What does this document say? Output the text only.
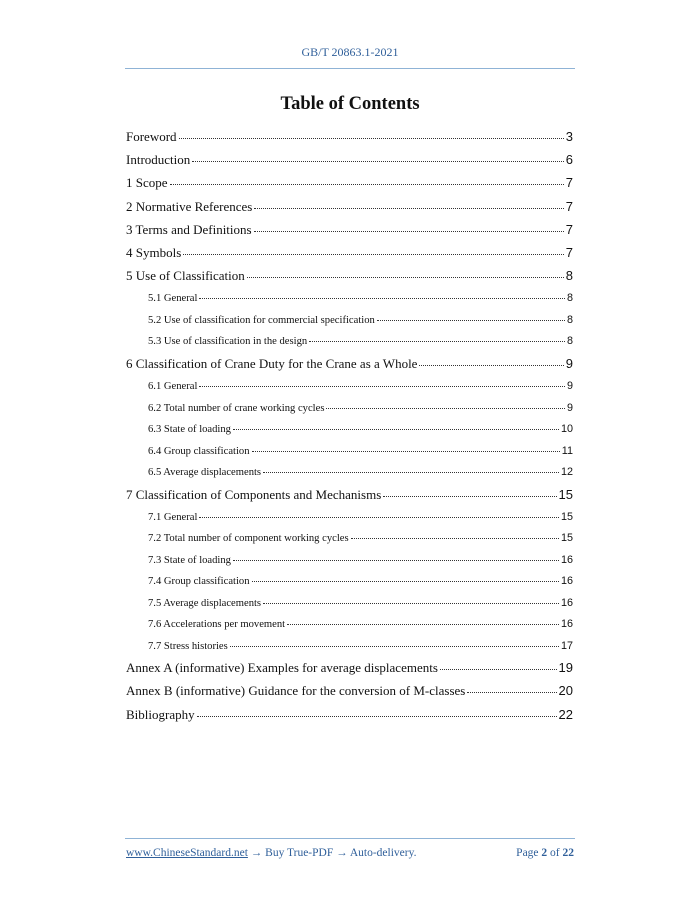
GB/T 20863.1-2021
Table of Contents
Foreword	3
Introduction	6
1 Scope	7
2 Normative References	7
3 Terms and Definitions	7
4 Symbols	7
5 Use of Classification	8
5.1 General	8
5.2 Use of classification for commercial specification	8
5.3 Use of classification in the design	8
6 Classification of Crane Duty for the Crane as a Whole	9
6.1 General	9
6.2 Total number of crane working cycles	9
6.3 State of loading	10
6.4 Group classification	11
6.5 Average displacements	12
7 Classification of Components and Mechanisms	15
7.1 General	15
7.2 Total number of component working cycles	15
7.3 State of loading	16
7.4 Group classification	16
7.5 Average displacements	16
7.6 Accelerations per movement	16
7.7 Stress histories	17
Annex A (informative) Examples for average displacements	19
Annex B (informative) Guidance for the conversion of M-classes	20
Bibliography	22
www.ChineseStandard.net → Buy True-PDF → Auto-delivery.	Page 2 of 22
